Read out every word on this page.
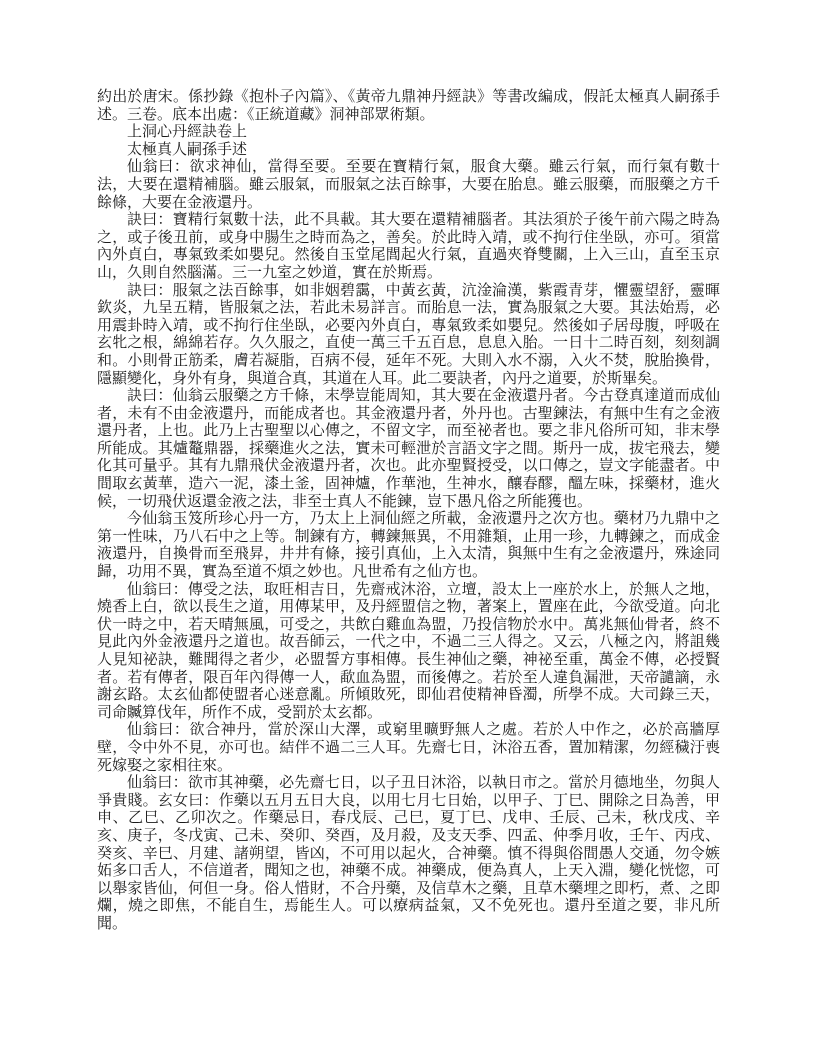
約出於唐宋。係抄錄《抱朴子內篇》、《黃帝九鼎神丹經訣》等書改編成，假託太極真人嗣孫手述。三卷。底本出處：《正統道藏》洞神部眾術類。

上洞心丹經訣卷上

太極真人嗣孫手述

仙翁曰：欲求神仙，當得至要。至要在寶精行氣，服食大藥。雖云行氣，而行氣有數十法，大要在還精補腦。雖云服氣，而服氣之法百餘事，大要在胎息。雖云服藥，而服藥之方千餘條，大要在金液還丹。

訣曰：寶精行氣數十法，此不具載。其大要在還精補腦者。其法須於子後午前六陽之時為之，或子後丑前，或身中腸生之時而為之，善矣。於此時入靖，或不拘行住坐臥，亦可。須當內外貞白，專氣致柔如嬰兒。然後自玉堂尾閭起火行氣，直過夾脊雙關，上入三山，直至玉京山，久則自然腦滿。三一九室之妙道，實在於斯焉。

訣曰：服氣之法百餘事，如非姻碧靄，中黃玄黃，沆淦淪漢，紫霞青芽，懼靈望舒，靈暉欽炎，九呈五精，皆服氣之法，若此未易詳言。而胎息一法，實為服氣之大要。其法始焉，必用震卦時入靖，或不拘行住坐臥，必要內外貞白，專氣致柔如嬰兒。然後如子居母腹，呼吸在玄牝之根，綿綿若存。久久服之，直使一萬三千五百息，息息入胎。一日十二時百刻，刻刻調和。小則骨正筋柔，膚若凝脂，百病不侵，延年不死。大則入水不溺，入火不焚，脫胎換骨，隱顯變化，身外有身，與道合真，其道在人耳。此二要訣者，內丹之道要，於斯畢矣。

訣曰：仙翁云服藥之方千條，末學豈能周知，其大要在金液還丹者。今古登真達道而成仙者，未有不由金液還丹，而能成者也。其金液還丹者，外丹也。古聖鍊法，有無中生有之金液還丹者，上也。此乃上古聖聖以心傳之，不留文字，而至祕者也。要之非凡俗所可知，非末學所能成。其爐鼇鼎器，採藥進火之法，實未可輕泄於言語文字之間。斯丹一成，拔宅飛去，變化其可量乎。其有九鼎飛伏金液還丹者，次也。此亦聖賢授受，以口傳之，豈文字能盡者。中間取玄黃華，造六一泥，漆土釜，固神爐，作華池，生神水，釀春醪，醞左味，採藥材，進火候，一切飛伏返還金液之法，非至士真人不能鍊，豈下愚凡俗之所能獲也。

今仙翁玉笈所珍心丹一方，乃太上上洞仙經之所載，金液還丹之次方也。藥材乃九鼎中之第一性味，乃八石中之上等。制鍊有方，轉鍊無異，不用雜類，止用一珍，九轉鍊之，而成金液還丹，自換骨而至飛昇，井井有條，接引真仙，上入太清，與無中生有之金液還丹，殊途同歸，功用不異，實為至道不煩之妙也。凡世希有之仙方也。

仙翁曰：傳受之法，取旺相吉日，先齋戒沐浴，立壇，設太上一座於水上，於無人之地，燒香上白，欲以長生之道，用傳某甲，及丹經盟信之物，著案上，置座在此，今欲受道。向北伏一時之中，若天晴無風，可受之，共飲白雞血為盟，乃投信物於水中。萬兆無仙骨者，終不見此內外金液還丹之道也。故吾師云，一代之中，不過二三人得之。又云，八極之內，將詛幾人見知祕訣，難聞得之者少，必盟誓方事相傳。長生神仙之藥，神祕至重，萬金不傳，必授賢者。若有傳者，限百年內得傳一人，歃血為盟，而後傳之。若於至人違負漏泄，天帝譴謫，永謝玄路。太玄仙都使盟者心迷意亂。所傾敗死，即仙君使精神昏濁，所學不成。大司錄三天，司命贓算伐年，所作不成，受罰於太玄都。

仙翁曰：欲合神丹，當於深山大澤，或窮里曠野無人之處。若於人中作之，必於高牆厚壁，令中外不見，亦可也。結伴不過二三人耳。先齋七日，沐浴五香，置加精潔，勿經穢汙喪死嫁娶之家相往來。

仙翁曰：欲市其神藥，必先齋七日，以子丑日沐浴，以執日市之。當於月德地坐，勿與人爭貴賤。玄女曰：作藥以五月五日大良，以用七月七日始，以甲子、丁巳、開除之日為善，甲申、乙巳、乙卯次之。作藥忌日，春戊辰、己巳，夏丁巳、戊申、壬辰、己未，秋戊戌、辛亥、庚子，冬戊寅、己未、癸卯、癸酉，及月殺，及支天季、四孟、仲季月收，壬午、丙戌、癸亥、辛巳、月建、諸朔望，皆凶，不可用以起火，合神藥。慎不得與俗間愚人交通，勿令嫉妬多口舌人，不信道者，聞知之也，神藥不成。神藥成，便為真人，上天入淵，變化恍惚，可以舉家皆仙，何但一身。俗人惜財，不合丹藥，及信草木之藥，且草木藥埋之即朽，煮、之即爛，燒之即焦，不能自生，焉能生人。可以療病益氣，又不免死也。還丹至道之要，非凡所聞。
